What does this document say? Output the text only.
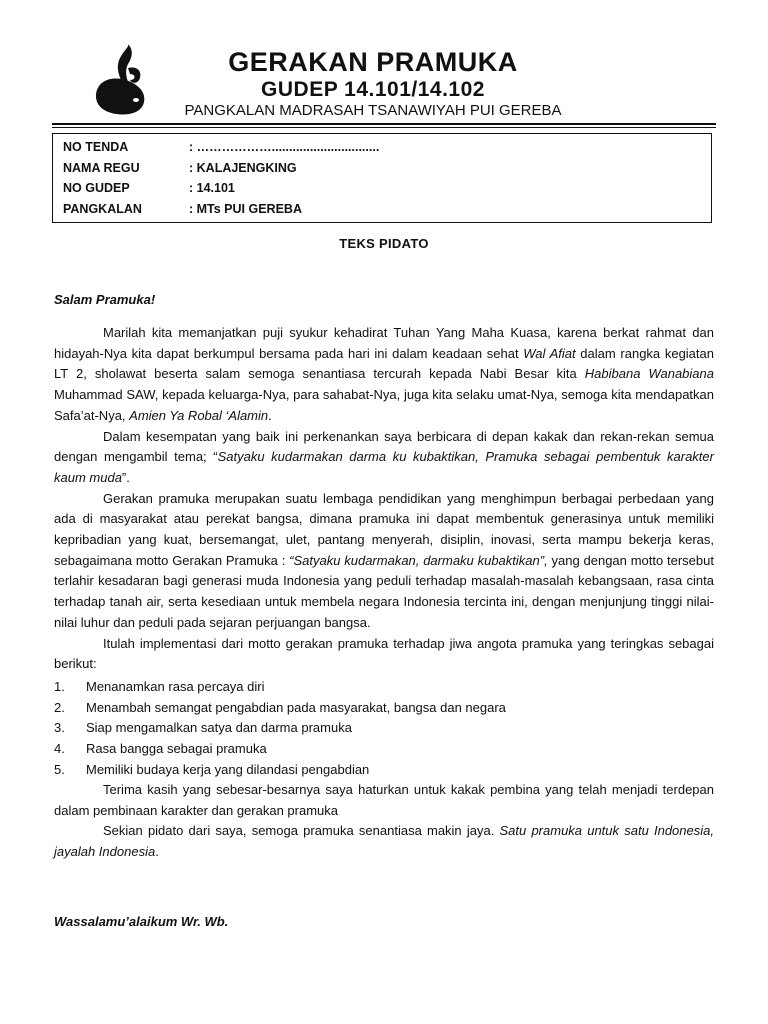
GERAKAN PRAMUKA
GUDEP 14.101/14.102
PANGKALAN MADRASAH TSANAWIYAH PUI GEREBA
NO TENDA	: ………………...............................
NAMA REGU	: KALAJENGKING
NO GUDEP	: 14.101
PANGKALAN	: MTs PUI GEREBA
TEKS PIDATO
Salam Pramuka!

Marilah kita memanjatkan puji syukur kehadirat Tuhan Yang Maha Kuasa, karena berkat rahmat dan hidayah-Nya kita dapat berkumpul bersama pada hari ini dalam keadaan sehat Wal Afiat dalam rangka kegiatan LT 2, sholawat beserta salam semoga senantiasa tercurah kepada Nabi Besar kita Habibana Wanabiana Muhammad SAW, kepada keluarga-Nya, para sahabat-Nya, juga kita selaku umat-Nya, semoga kita mendapatkan Safa’at-Nya, Amien Ya Robal ‘Alamin.

Dalam kesempatan yang baik ini perkenankan saya berbicara di depan kakak dan rekan-rekan semua dengan mengambil tema; “Satyaku kudarmakan darma ku kubaktikan, Pramuka sebagai pembentuk karakter kaum muda”.

Gerakan pramuka merupakan suatu lembaga pendidikan yang menghimpun berbagai perbedaan yang ada di masyarakat atau perekat bangsa, dimana pramuka ini dapat membentuk generasinya untuk memiliki kepribadian yang kuat, bersemangat, ulet, pantang menyerah, disiplin, inovasi, serta mampu bekerja keras, sebagaimana motto Gerakan Pramuka : “Satyaku kudarmakan, darmaku kubaktikan”, yang dengan motto tersebut terlahir kesadaran bagi generasi muda Indonesia yang peduli terhadap masalah-masalah kebangsaan, rasa cinta terhadap tanah air, serta kesediaan untuk membela negara Indonesia tercinta ini, dengan menjunjung tinggi nilai-nilai luhur dan peduli pada sejaran perjuangan bangsa.

Itulah implementasi dari motto gerakan pramuka terhadap jiwa angota pramuka yang teringkas sebagai berikut:

1. Menanamkan rasa percaya diri
2. Menambah semangat pengabdian pada masyarakat, bangsa dan negara
3. Siap mengamalkan satya dan darma pramuka
4. Rasa bangga sebagai pramuka
5. Memiliki budaya kerja yang dilandasi pengabdian

Terima kasih yang sebesar-besarnya saya haturkan untuk kakak pembina yang telah menjadi terdepan dalam pembinaan karakter dan gerakan pramuka

Sekian pidato dari saya, semoga pramuka senantiasa makin jaya. Satu pramuka untuk satu Indonesia, jayalah Indonesia.

Wassalamu’alaikum Wr. Wb.
